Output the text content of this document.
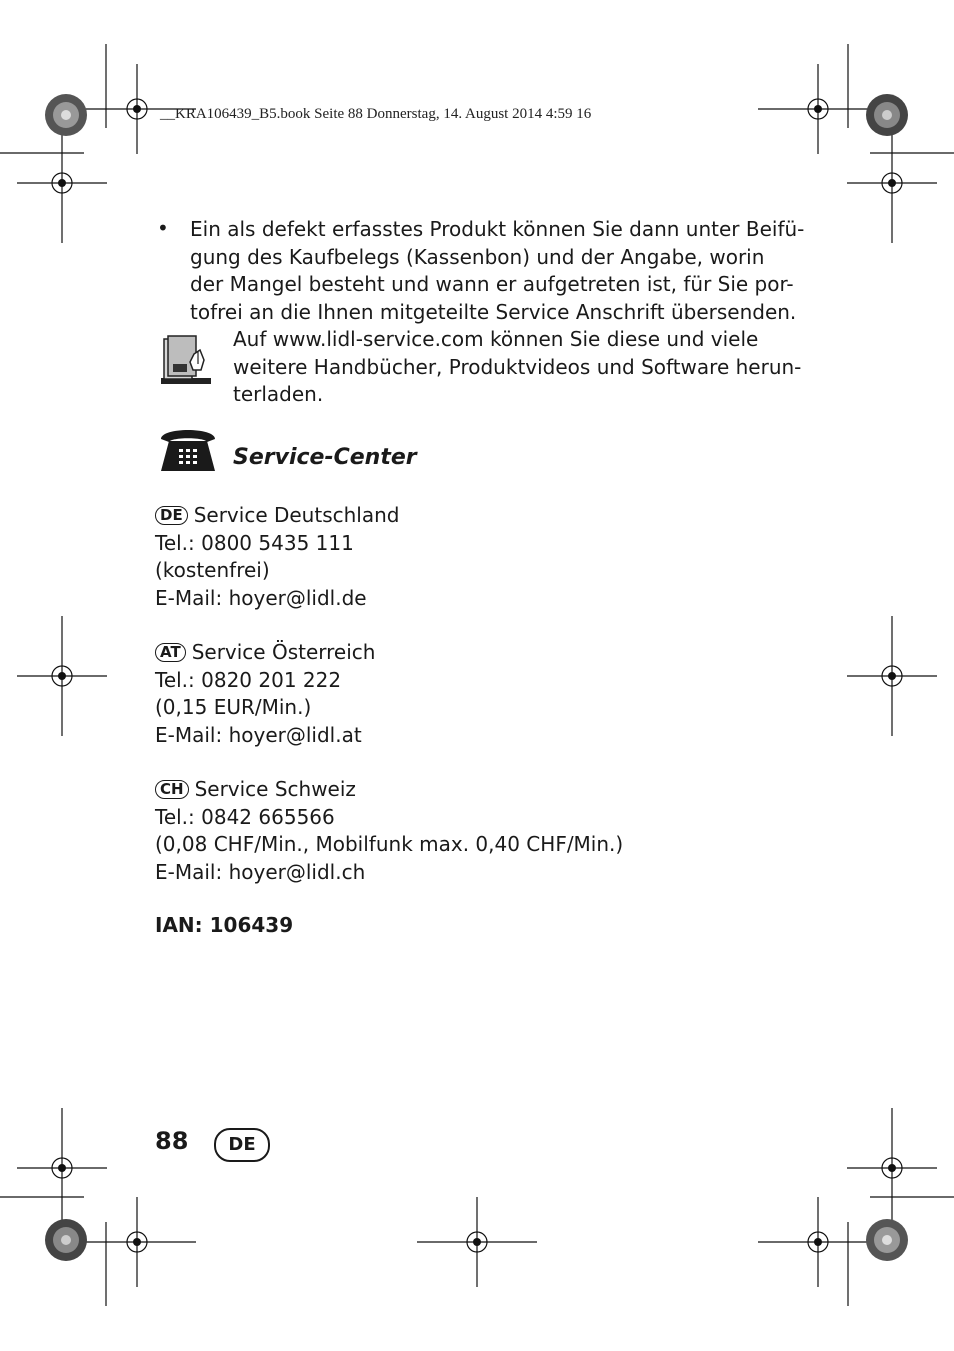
__KRA106439_B5.book Seite 88 Donnerstag, 14. August 2014 4:59 16
• Ein als defekt erfasstes Produkt können Sie dann unter Beifü-
gung des Kaufbelegs (Kassenbon) und der Angabe, worin
der Mangel besteht und wann er aufgetreten ist, für Sie por-
tofrei an die Ihnen mitgeteilte Service Anschrift übersenden.
Auf www.lidl-service.com können Sie diese und viele
weitere Handbücher, Produktvideos und Software herun-
terladen.
Service-Center
DE Service Deutschland
Tel.: 0800 5435 111
(kostenfrei)
E-Mail: hoyer@lidl.de
AT Service Österreich
Tel.: 0820 201 222
(0,15 EUR/Min.)
E-Mail: hoyer@lidl.at
CH Service Schweiz
Tel.: 0842 665566
(0,08 CHF/Min., Mobilfunk max. 0,40 CHF/Min.)
E-Mail: hoyer@lidl.ch
IAN: 106439
88	DE
